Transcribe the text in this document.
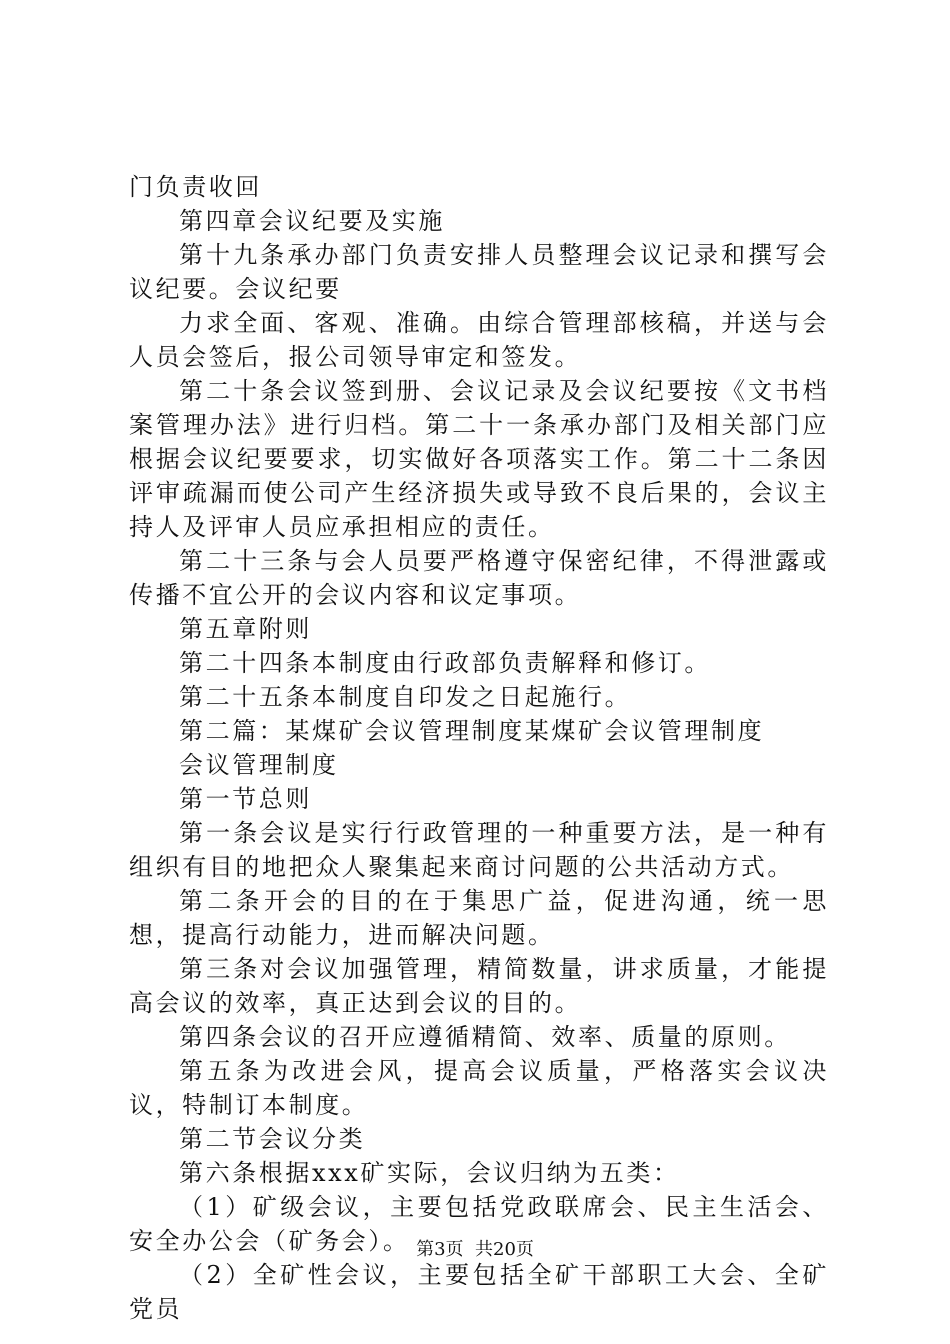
门负责收回

第四章会议纪要及实施

第十九条承办部门负责安排人员整理会议记录和撰写会议纪要。会议纪要

力求全面、客观、准确。由综合管理部核稿，并送与会人员会签后，报公司领导审定和签发。

第二十条会议签到册、会议记录及会议纪要按《文书档案管理办法》进行归档。第二十一条承办部门及相关部门应根据会议纪要要求，切实做好各项落实工作。第二十二条因评审疏漏而使公司产生经济损失或导致不良后果的，会议主持人及评审人员应承担相应的责任。

第二十三条与会人员要严格遵守保密纪律，不得泄露或传播不宜公开的会议内容和议定事项。

第五章附则

第二十四条本制度由行政部负责解释和修订。

第二十五条本制度自印发之日起施行。

第二篇：某煤矿会议管理制度某煤矿会议管理制度

会议管理制度

第一节总则

第一条会议是实行行政管理的一种重要方法，是一种有组织有目的地把众人聚集起来商讨问题的公共活动方式。

第二条开会的目的在于集思广益，促进沟通，统一思想，提高行动能力，进而解决问题。

第三条对会议加强管理，精简数量，讲求质量，才能提高会议的效率，真正达到会议的目的。

第四条会议的召开应遵循精简、效率、质量的原则。

第五条为改进会风，提高会议质量，严格落实会议决议，特制订本制度。

第二节会议分类

第六条根据xxx矿实际，会议归纳为五类：

（1）矿级会议，主要包括党政联席会、民主生活会、安全办公会（矿务会）。

（2）全矿性会议，主要包括全矿干部职工大会、全矿党员

第3页  共20页
